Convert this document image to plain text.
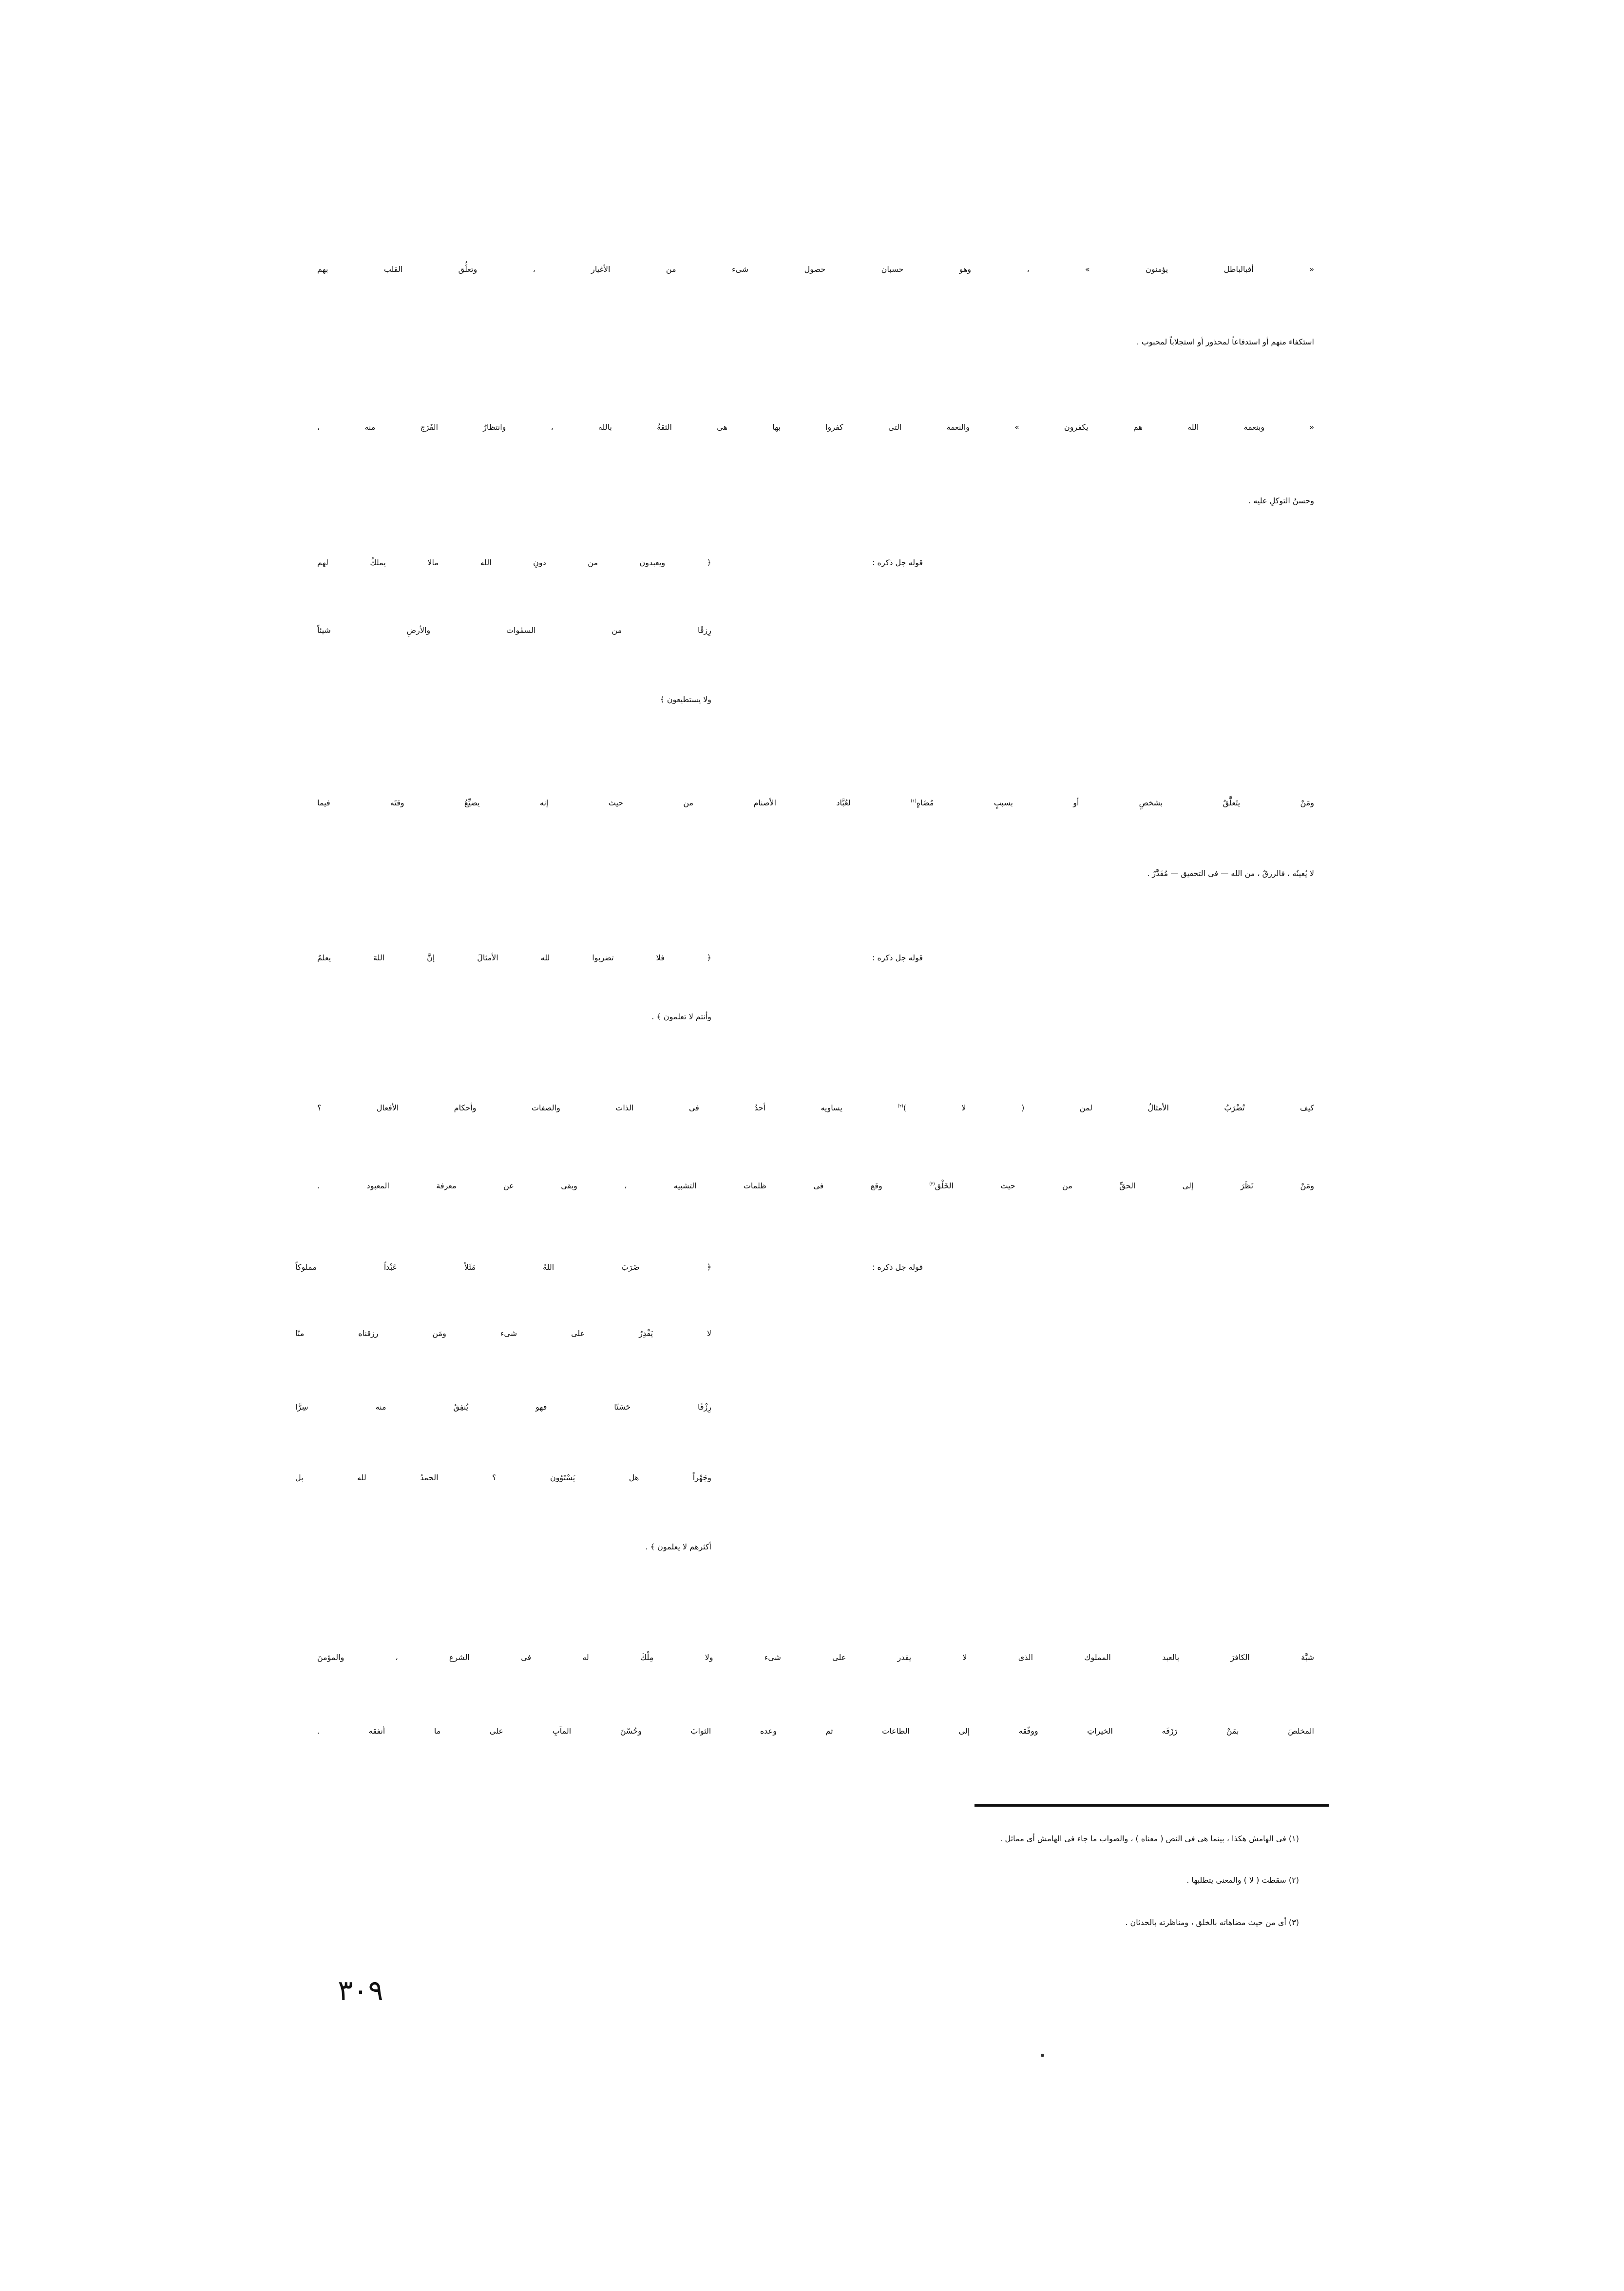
« أفبالباطل يؤمنون » ، وهو حسبان حصول شىء من الأغيار ، وتعلُّق القلب بهم
استكفاء منهم أو استدفاعاً لمحذور أو استجلاباً لمحبوب .
« وبنعمة الله هم يكفرون » والنعمة التى كفروا بها هى الثقةُ بالله ، وانتظارُ الفَرَج منه ،
وحسنُ التوكلِ عليه .
قوله جل ذكره :
﴿ ويعبدون من دونِ الله مالا يملكُ لهم
رِزقًا من السمٰوات والأرضِ شيئاً
ولا يستطيعون ﴾
ومَنْ يتَعلَّقُ بشخصٍ أو بسببٍ مُضَاهٍ$^{(١)}$ لعُبَّاد الأصنام من حيث إنه يضيِّعُ وقتَه فيما
لا يُعينُه ، فالرزقُ ، من الله — فى التحقيق — مُقَدَّرٌ .
قوله جل ذكره :
﴿ فلا تضربوا لله الأمثالَ إنَّ اللهَ يعلمُ
وأنتم لا تعلمون ﴾ .
كيف تُضْرَبُ الأمثالُ لمن ( لا )$^{(٢)}$ يساويه أحدٌ فى الذات والصفات وأحكام الأفعال ؟
ومَنْ نَظَرَ إلى الحقِّ من حيث الخَلْق$^{(٣)}$ وقع فى ظلمات التشبيه ، وبقى عن معرفة المعبود .
قوله جل ذكره :
﴿ ضَرَبَ اللهُ مَثَلاً عَبْداً مملوكاً
لا يَقْدِرُ على شىء ومَن رزقناه منّا
رِزْقًا حَسَنًا فهو يُنفِقُ منه سِرًّا
وجَهْراً هل يَسْتَوُون ؟ الحمدُ لله بل
أكثرهم لا يعلمون ﴾ .
شبَّهَ الكافرَ بالعبد المملوك الذى لا يقدر على شىء ولا مِلْكَ له فى الشرع ، والمؤمنَ
المخلصَ بمَنْ رَزَقَه الخيراتِ ووفّقه إلى الطاعات ثم وعده الثوابَ وحُسْنَ المآبِ على ما أنفقه .
(١) فى الهامش هكذا ، بينما هى فى النص ( معناه ) ، والصواب ما جاء فى الهامش أى مماثل .
(٢) سقطت ( لا ) والمعنى يتطلبها .
(٣) أى من حيث مضاهاته بالخلق ، ومناظرته بالحدثان .
٣٠٩
